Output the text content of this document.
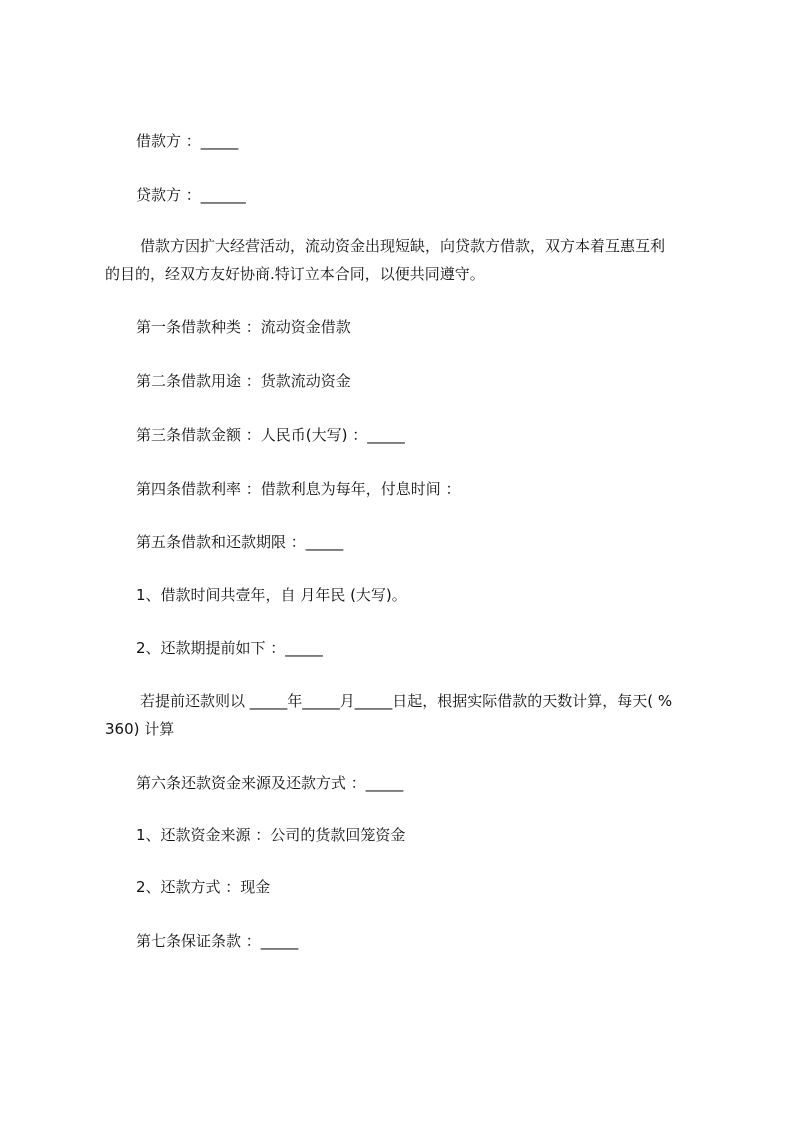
借款方 ：_____
贷款方 ：______
借款方因扩大经营活动，流动资金出现短缺，向贷款方借款，双方本着互惠互利
的目的，经双方友好协商.特订立本合同，以便共同遵守。
第一条借款种类 ：流动资金借款
第二条借款用途 ：货款流动资金
第三条借款金额 ：人民币(大写) ：_____
第四条借款利率 ：借款利息为每年，付息时间 ：
第五条借款和还款期限 ：_____
1、借款时间共壹年，自 月年民 (大写)。
2、还款期提前如下 ：_____
若提前还款则以 _____年_____月_____日起，根据实际借款的天数计算，每天( %
360) 计算
第六条还款资金来源及还款方式 ：_____
1、还款资金来源 ：公司的货款回笼资金
2、还款方式 ：现金
第七条保证条款 ：_____
